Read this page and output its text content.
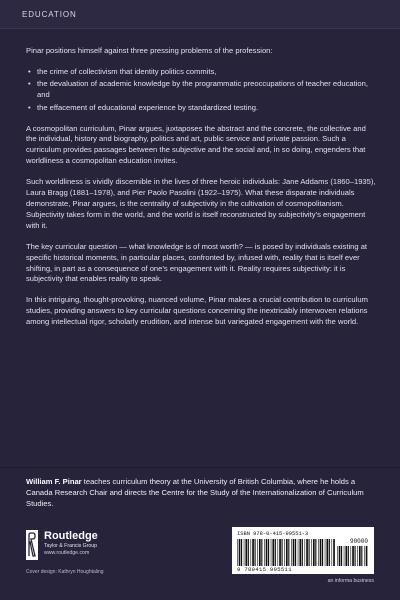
EDUCATION

Pinar positions himself against three pressing problems of the profession:

• the crime of collectivism that identity politics commits,
• the devaluation of academic knowledge by the programmatic preoccupations of teacher education, and
• the effacement of educational experience by standardized testing.

A cosmopolitan curriculum, Pinar argues, juxtaposes the abstract and the concrete, the collective and the individual, history and biography, politics and art, public service and private passion. Such a curriculum provides passages between the subjective and the social and, in so doing, engenders that worldliness a cosmopolitan education invites.

Such worldliness is vividly discernible in the lives of three heroic individuals: Jane Addams (1860–1935), Laura Bragg (1881–1978), and Pier Paolo Pasolini (1922–1975). What these disparate individuals demonstrate, Pinar argues, is the centrality of subjectivity in the cultivation of cosmopolitanism. Subjectivity takes form in the world, and the world is itself reconstructed by subjectivity’s engagement with it.

The key curricular question — what knowledge is of most worth? — is posed by individuals existing at specific historical moments, in particular places, confronted by, infused with, reality that is itself ever shifting, in part as a consequence of one’s engagement with it. Reality requires subjectivity: it is subjectivity that enables reality to speak.

In this intriguing, thought-provoking, nuanced volume, Pinar makes a crucial contribution to curriculum studies, providing answers to key curricular questions concerning the inextricably interwoven relations among intellectual rigor, scholarly erudition, and intense but variegated engagement with the world.

William F. Pinar teaches curriculum theory at the University of British Columbia, where he holds a Canada Research Chair and directs the Centre for the Study of the Internationalization of Curriculum Studies.
Routledge
Taylor & Francis Group
www.routledge.com
Cover design: Kathryn Houghtaling
ISBN 978-0-415-99551-3
90000
9 780415 995511
an informa business
